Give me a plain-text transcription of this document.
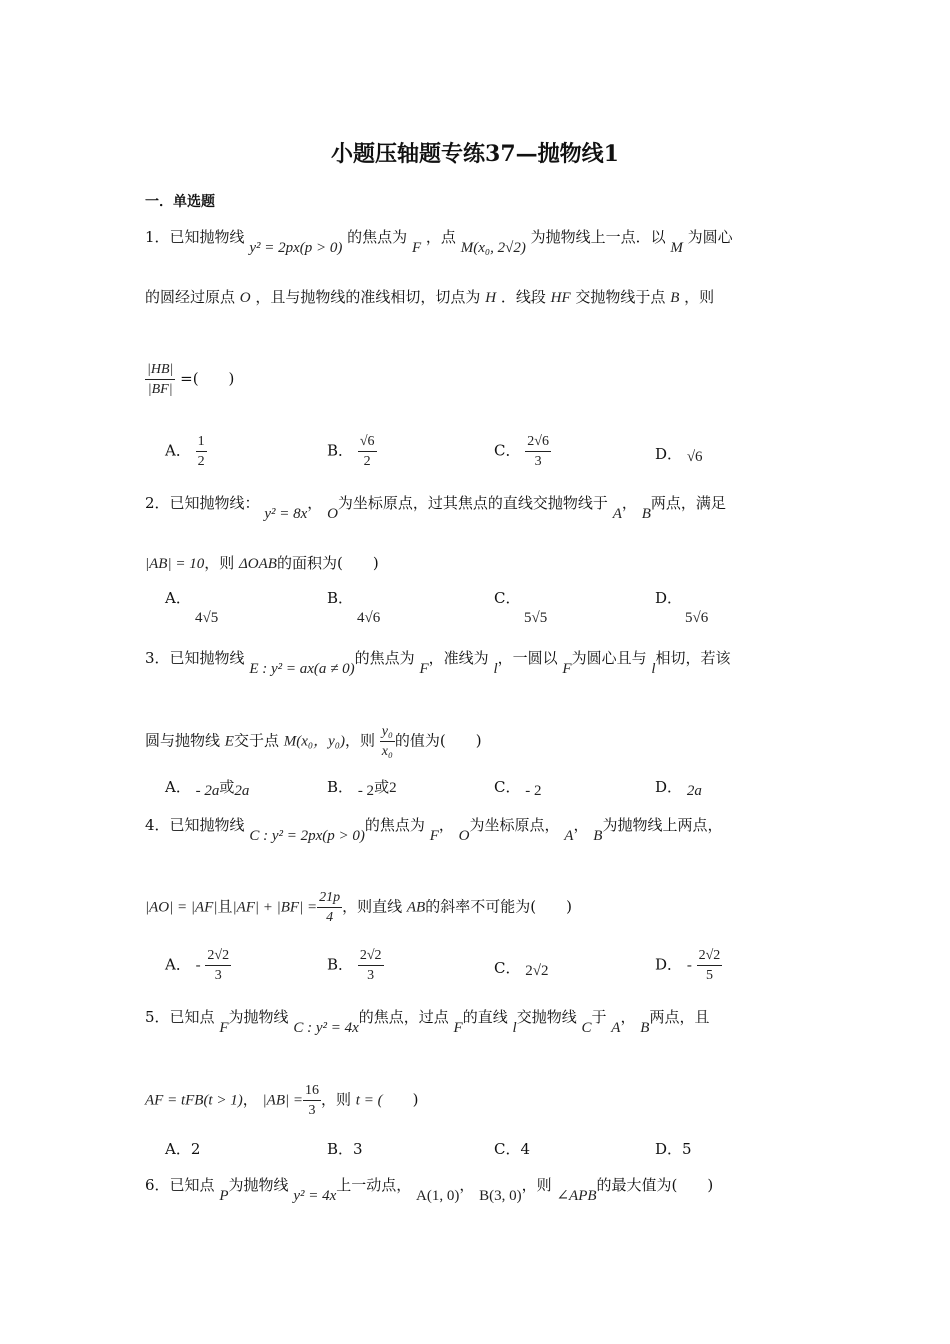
小题压轴题专练37—抛物线1
一．单选题
1．已知抛物线 y² = 2px(p > 0) 的焦点为 F ，点 M(x₀, 2√2) 为抛物线上一点．以 M 为圆心
的圆经过原点 O ，且与抛物线的准线相切，切点为 H ．线段 HF 交抛物线于点 B ，则
$\frac{|HB|}{|BF|}$ =(　　)
A． $\frac{1}{2}$	B． $\frac{√6}{2}$	C． $\frac{2√6}{3}$	D． √6
2．已知抛物线： y² = 8x， O为坐标原点，过其焦点的直线交抛物线于 A， B两点，满足
|AB| = 10，则 ΔOAB的面积为(　　)
A．
4√5
B．
4√6
C．
5√5
D．
5√6
3．已知抛物线 E : y² = ax(a ≠ 0)的焦点为 F，准线为 l，一圆以 F为圆心且与 l相切，若该
圆与抛物线 E交于点 M(x₀，y₀)，则 $\frac{\text{y₀}}{\text{x₀}}$ 的值为(　　)
A． - 2a或2a	B． - 2或2	C． - 2	D． 2a
4．已知抛物线 C : y² = 2px(p > 0)的焦点为 F， O为坐标原点， A， B为抛物线上两点，
|AO| = |AF|且$|AF| + |BF| = \frac{21p}{4}$ ，则直线 AB的斜率不可能为(　　)
A． - $\frac{2√2}{3}$	B． $\frac{2√2}{3}$	C． 2√2	D． - $\frac{2√2}{5}$
5．已知点 F为抛物线 C : y² = 4x的焦点，过点 F的直线 l交抛物线 C于 A， B两点，且
AF = tFB(t > 1)， $|AB| = \frac{16}{3}$ ，则 t = (　　)
A．2	B．3	C．4	D．5
6．已知点 P为抛物线 y² = 4x上一动点， A(1, 0)， B(3, 0)，则 ∠APB的最大值为(　　)
